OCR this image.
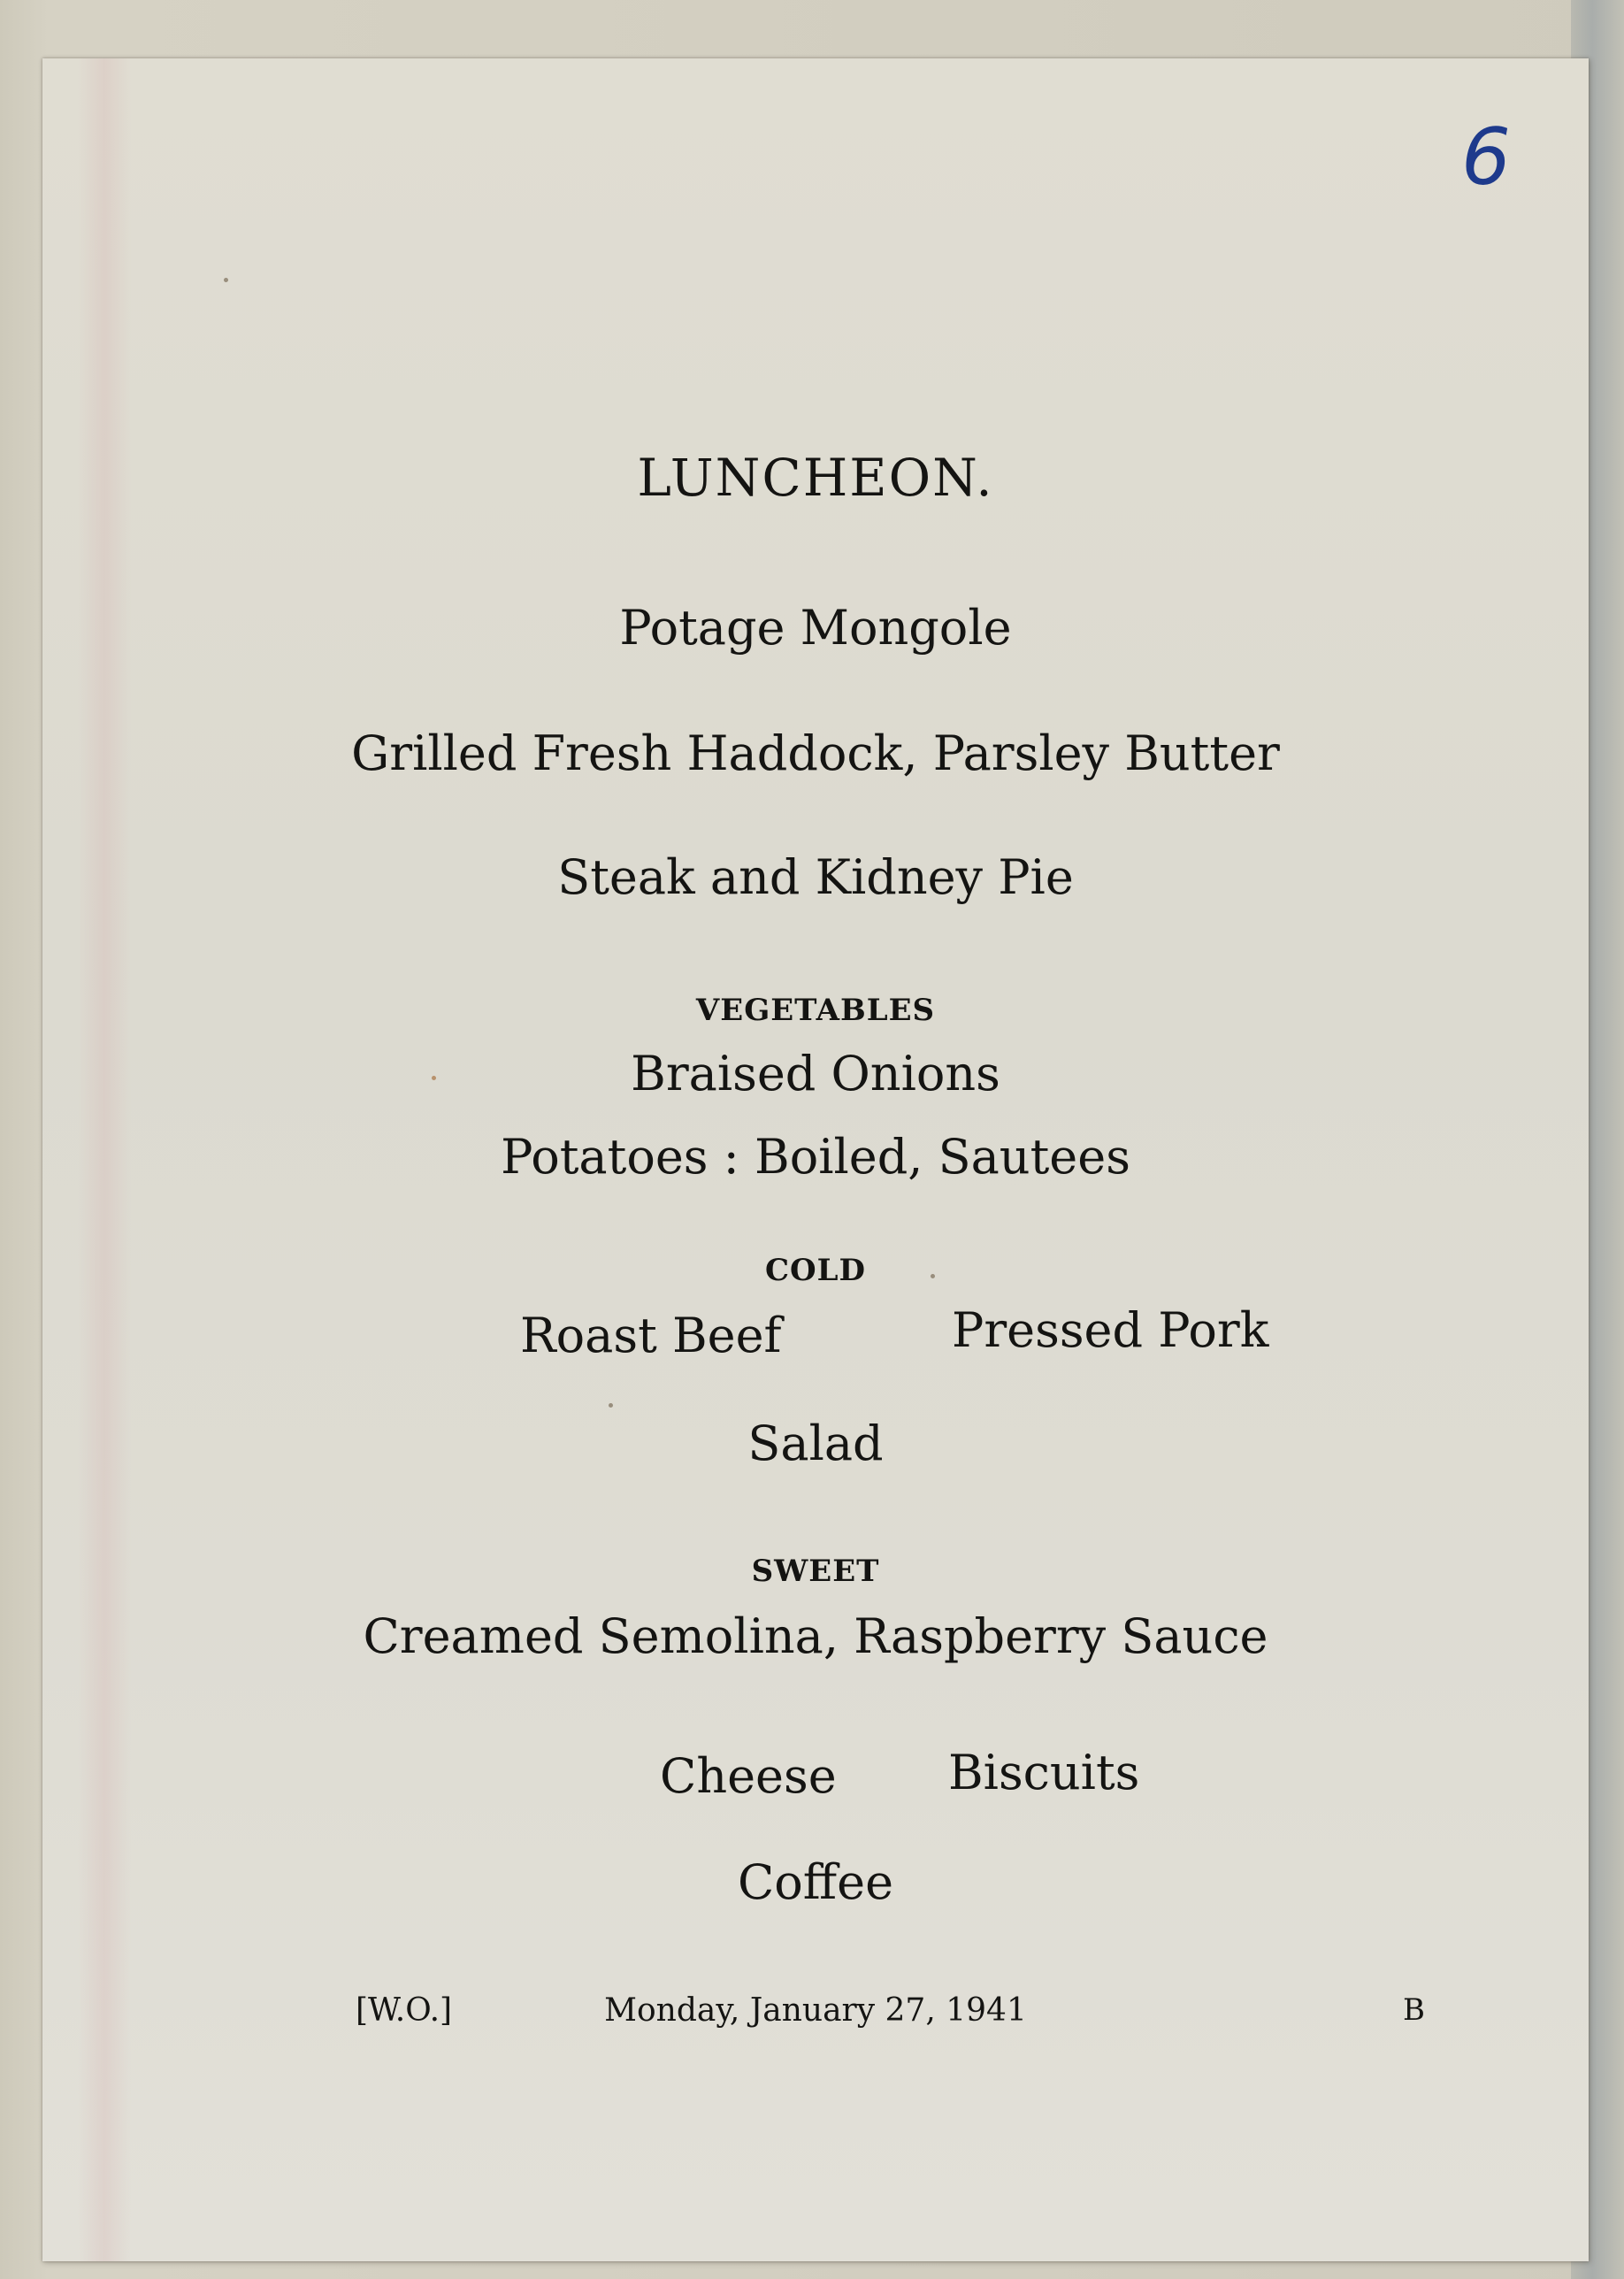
6
LUNCHEON.
Potage Mongole
Grilled Fresh Haddock, Parsley Butter
Steak and Kidney Pie
VEGETABLES
Braised Onions
Potatoes : Boiled, Sautees
COLD
Roast Beef	Pressed Pork
Salad
SWEET
Creamed Semolina, Raspberry Sauce
Cheese Biscuits
Coffee
[W.O.]	Monday, January 27, 1941	B
